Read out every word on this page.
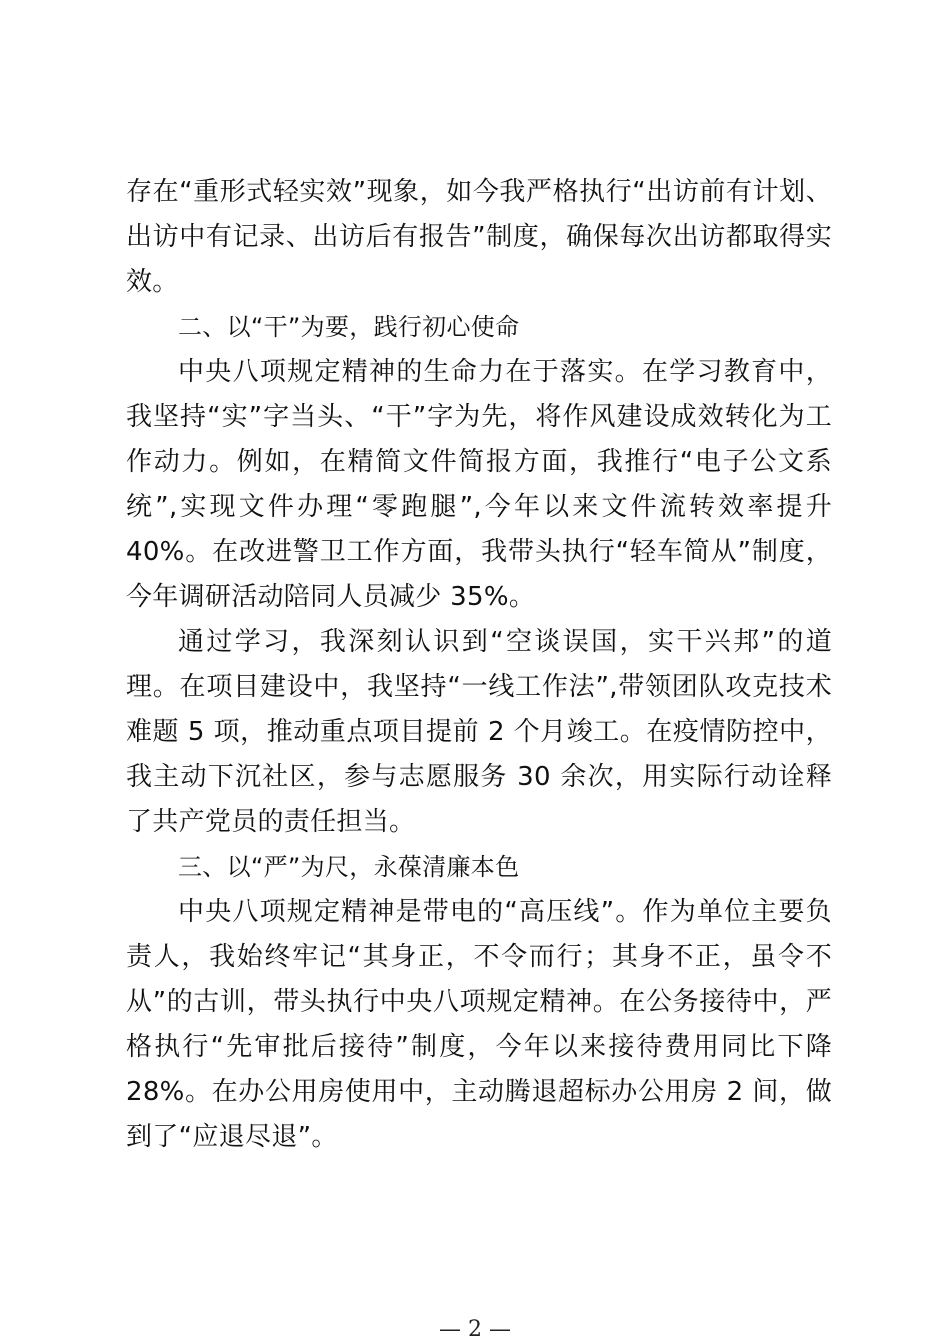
存在“重形式轻实效”现象，如今我严格执行“出访前有计划、出访中有记录、出访后有报告”制度，确保每次出访都取得实效。

二、以“干”为要，践行初心使命

中央八项规定精神的生命力在于落实。在学习教育中，我坚持“实”字当头、“干”字为先，将作风建设成效转化为工作动力。例如，在精简文件简报方面，我推行“电子公文系统”,实现文件办理“零跑腿”,今年以来文件流转效率提升 40%。在改进警卫工作方面，我带头执行“轻车简从”制度，今年调研活动陪同人员减少 35%。

通过学习，我深刻认识到“空谈误国，实干兴邦”的道理。在项目建设中，我坚持“一线工作法”,带领团队攻克技术难题 5 项，推动重点项目提前 2 个月竣工。在疫情防控中，我主动下沉社区，参与志愿服务 30 余次，用实际行动诠释了共产党员的责任担当。

三、以“严”为尺，永葆清廉本色

中央八项规定精神是带电的“高压线”。作为单位主要负责人，我始终牢记“其身正，不令而行；其身不正，虽令不从”的古训，带头执行中央八项规定精神。在公务接待中，严格执行“先审批后接待”制度，今年以来接待费用同比下降 28%。在办公用房使用中，主动腾退超标办公用房 2 间，做到了“应退尽退”。

— 2 —
